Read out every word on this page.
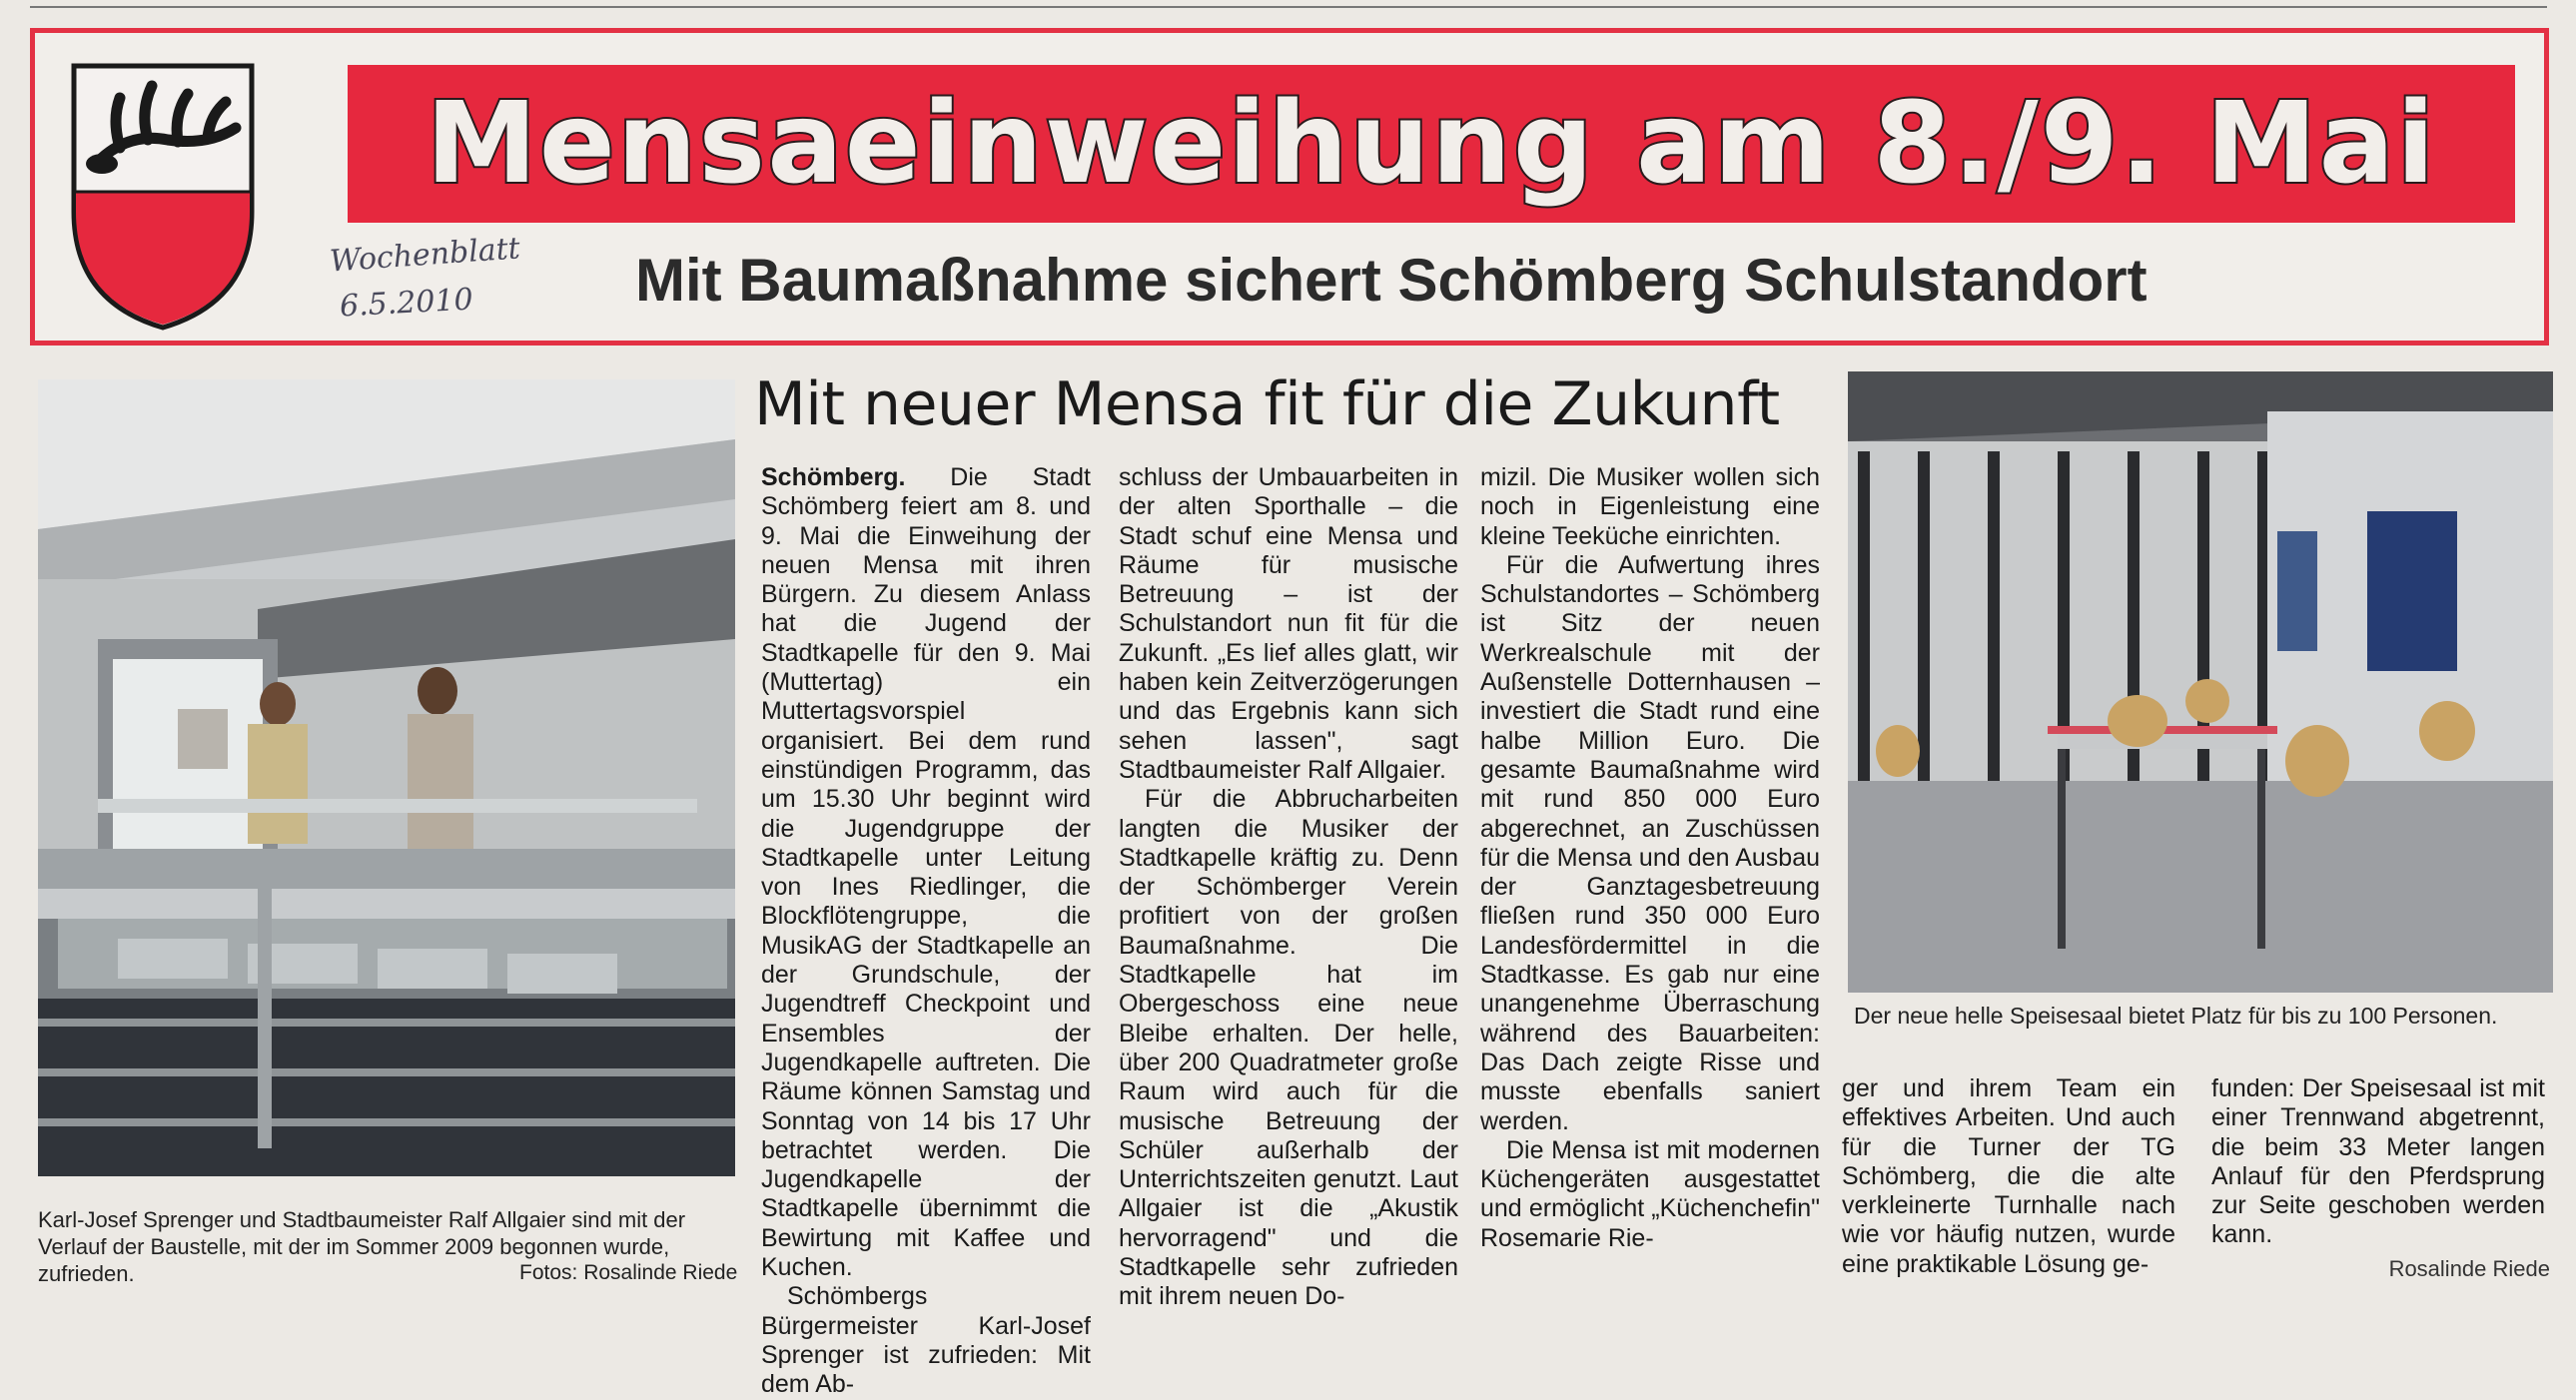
Mensaeinweihung am 8./9. Mai
Wochenblatt
6.5.2010	Mit Baumaßnahme sichert Schömberg Schulstandort
Karl-Josef Sprenger und Stadtbaumeister Ralf Allgaier sind mit der Verlauf der Baustelle, mit der im Sommer 2009 begonnen wurde, zufrieden.	Fotos: Rosalinde Riede
Der neue helle Speisesaal bietet Platz für bis zu 100 Personen.
Mit neuer Mensa fit für die Zukunft

Schömberg. Die Stadt Schömberg feiert am 8. und 9. Mai die Einweihung der neuen Mensa mit ihren Bürgern. Zu diesem Anlass hat die Jugend der Stadtkapelle für den 9. Mai (Muttertag) ein Muttertagsvorspiel organisiert. Bei dem rund einstündigen Programm, das um 15.30 Uhr beginnt wird die Jugendgruppe der Stadtkapelle unter Leitung von Ines Riedlinger, die Blockflötengruppe, die MusikAG der Stadtkapelle an der Grundschule, der Jugendtreff Checkpoint und Ensembles der Jugendkapelle auftreten. Die Räume können Samstag und Sonntag von 14 bis 17 Uhr betrachtet werden. Die Jugendkapelle der Stadtkapelle übernimmt die Bewirtung mit Kaffee und Kuchen.

Schömbergs Bürgermeister Karl-Josef Sprenger ist zufrieden: Mit dem Ab-

schluss der Umbauarbeiten in der alten Sporthalle – die Stadt schuf eine Mensa und Räume für musische Betreuung – ist der Schulstandort nun fit für die Zukunft. „Es lief alles glatt, wir haben kein Zeitverzögerungen und das Ergebnis kann sich sehen lassen", sagt Stadtbaumeister Ralf Allgaier.

Für die Abbrucharbeiten langten die Musiker der Stadtkapelle kräftig zu. Denn der Schömberger Verein profitiert von der großen Baumaßnahme. Die Stadtkapelle hat im Obergeschoss eine neue Bleibe erhalten. Der helle, über 200 Quadratmeter große Raum wird auch für die musische Betreuung der Schüler außerhalb der Unterrichtszeiten genutzt. Laut Allgaier ist die „Akustik hervorragend" und die Stadtkapelle sehr zufrieden mit ihrem neuen Do-

mizil. Die Musiker wollen sich noch in Eigenleistung eine kleine Teeküche einrichten.

Für die Aufwertung ihres Schulstandortes – Schömberg ist Sitz der neuen Werkrealschule mit der Außenstelle Dotternhausen – investiert die Stadt rund eine halbe Million Euro. Die gesamte Baumaßnahme wird mit rund 850 000 Euro abgerechnet, an Zuschüssen für die Mensa und den Ausbau der Ganztagesbetreuung fließen rund 350 000 Euro Landesfördermittel in die Stadtkasse. Es gab nur eine unangenehme Überraschung während des Bauarbeiten: Das Dach zeigte Risse und musste ebenfalls saniert werden.

Die Mensa ist mit modernen Küchengeräten ausgestattet und ermöglicht „Küchenchefin" Rosemarie Rie-

ger und ihrem Team ein effektives Arbeiten. Und auch für die Turner der TG Schömberg, die die alte verkleinerte Turnhalle nach wie vor häufig nutzen, wurde eine praktikable Lösung ge-

funden: Der Speisesaal ist mit einer Trennwand abgetrennt, die beim 33 Meter langen Anlauf für den Pferdsprung zur Seite geschoben werden kann.

Rosalinde Riede
